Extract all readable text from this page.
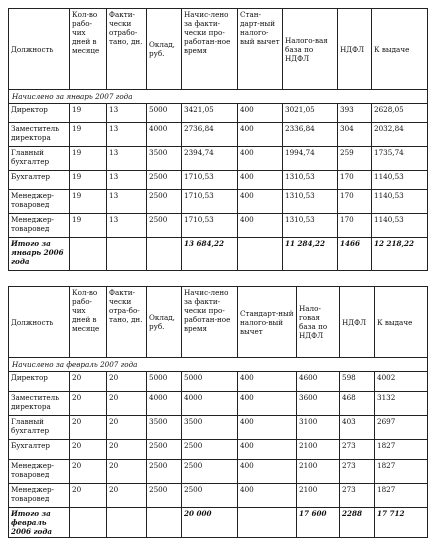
Должность	Кол-во рабо-чих дней в месяце	Факти-чески отрабо-тано, дн.	Оклад, руб.	Начис-лено за факти-чески про-работан-ное время	Стан-дарт-ный налого-вый вычет	Налого-вая база по НДФЛ	НДФЛ	К выдаче
Начислено за январь 2007 года								
Директор	19	13	5000	3421,05	400	3021,05	393	2628,05
Заместитель директора	19	13	4000	2736,84	400	2336,84	304	2032,84
Главный бухгалтер	19	13	3500	2394,74	400	1994,74	259	1735,74
Бухгалтер	19	13	2500	1710,53	400	1310,53	170	1140,53
Менеджер-товаровед	19	13	2500	1710,53	400	1310,53	170	1140,53
Менеджер-товаровед	19	13	2500	1710,53	400	1310,53	170	1140,53
Итого за январь 2006 года				13 684,22		11 284,22	1466	12 218,22
Должность	Кол-во рабо-чих дней в месяце	Факти-чески отра-бо-тано, дн.	Оклад, руб.	Начис-лено за факти-чески про-работан-ное время	Стандарт-ный налого-вый вычет	Нало-говая база по НДФЛ	НДФЛ	К выдаче
Начислено за февраль 2007 года								
Директор	20	20	5000	5000	400	4600	598	4002
Заместитель директора	20	20	4000	4000	400	3600	468	3132
Главный бухгалтер	20	20	3500	3500	400	3100	403	2697
Бухгалтер	20	20	2500	2500	400	2100	273	1827
Менеджер-товаровед	20	20	2500	2500	400	2100	273	1827
Менеджер-товаровед	20	20	2500	2500	400	2100	273	1827
Итого за февраль 2006 года				20 000		17 600	2288	17 712
